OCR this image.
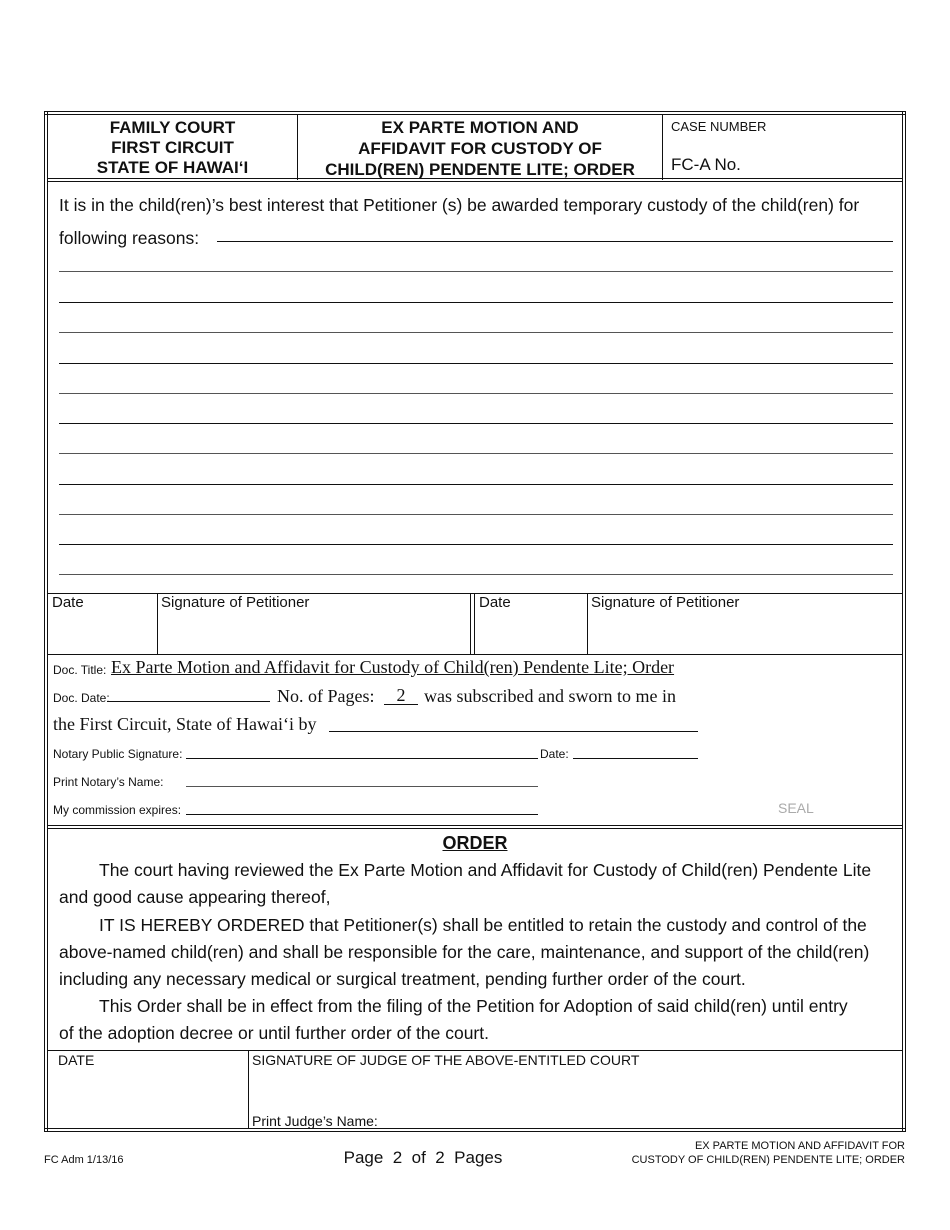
FAMILY COURT
FIRST CIRCUIT
STATE OF HAWAI‘I
EX PARTE MOTION AND
AFFIDAVIT FOR CUSTODY OF
CHILD(REN) PENDENTE LITE; ORDER
CASE NUMBER
FC-A No.
It is in the child(ren)’s best interest that Petitioner (s) be awarded temporary custody of the child(ren) for
following reasons:
Date	Signature of Petitioner	Date	Signature of Petitioner
Doc. Title: Ex Parte Motion and Affidavit for Custody of Child(ren) Pendente Lite; Order
Doc. Date:	No. of Pages:	2	was subscribed and sworn to me in
the First Circuit, State of Hawai‘i by
Notary Public Signature:	Date:
Print Notary’s Name:
My commission expires:	SEAL
ORDER
The court having reviewed the Ex Parte Motion and Affidavit for Custody of Child(ren) Pendente Lite
and good cause appearing thereof,
IT IS HEREBY ORDERED that Petitioner(s) shall be entitled to retain the custody and control of the
above-named child(ren) and shall be responsible for the care, maintenance, and support of the child(ren)
including any necessary medical or surgical treatment, pending further order of the court.
This Order shall be in effect from the filing of the Petition for Adoption of said child(ren) until entry
of the adoption decree or until further order of the court.
DATE	SIGNATURE OF JUDGE OF THE ABOVE-ENTITLED COURT
Print Judge’s Name:
FC Adm 1/13/16	Page  2  of  2  Pages
EX PARTE MOTION AND AFFIDAVIT FOR
CUSTODY OF CHILD(REN) PENDENTE LITE; ORDER
